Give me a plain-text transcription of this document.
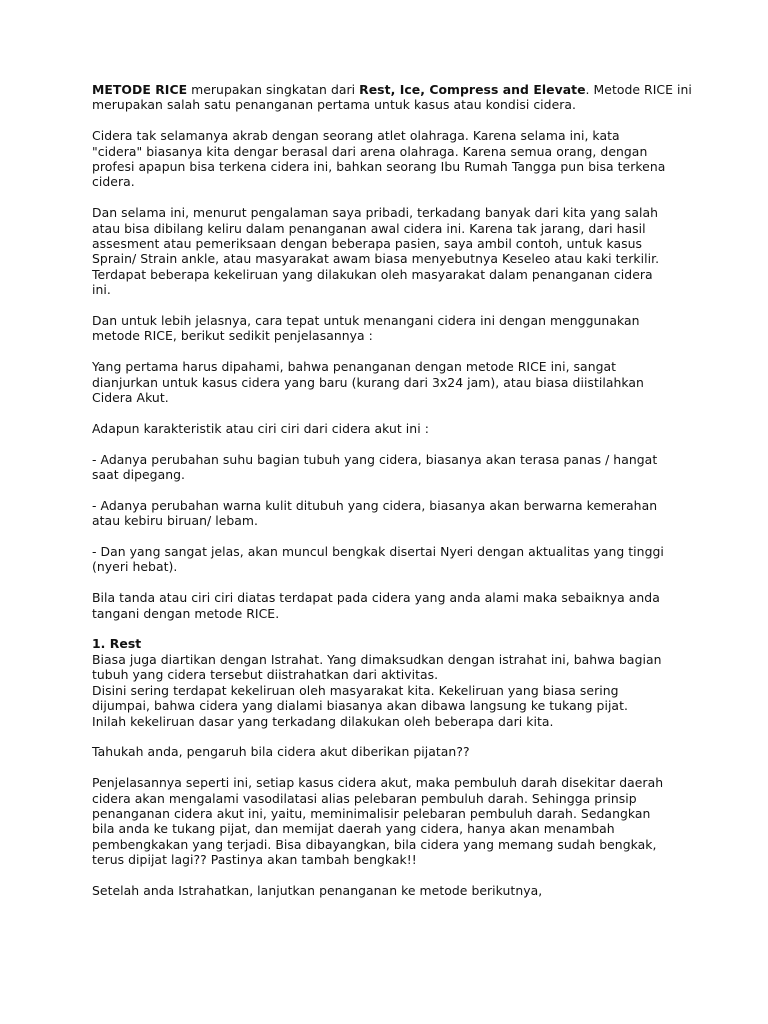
METODE RICE merupakan singkatan dari Rest, Ice, Compress and Elevate. Metode RICE ini
merupakan salah satu penanganan pertama untuk kasus atau kondisi cidera.

Cidera tak selamanya akrab dengan seorang atlet olahraga. Karena selama ini, kata
"cidera" biasanya kita dengar berasal dari arena olahraga. Karena semua orang, dengan
profesi apapun bisa terkena cidera ini, bahkan seorang Ibu Rumah Tangga pun bisa terkena
cidera.

Dan selama ini, menurut pengalaman saya pribadi, terkadang banyak dari kita yang salah
atau bisa dibilang keliru dalam penanganan awal cidera ini. Karena tak jarang, dari hasil
assesment atau pemeriksaan dengan beberapa pasien, saya ambil contoh, untuk kasus
Sprain/ Strain ankle, atau masyarakat awam biasa menyebutnya Keseleo atau kaki terkilir.
Terdapat beberapa kekeliruan yang dilakukan oleh masyarakat dalam penanganan cidera
ini.

Dan untuk lebih jelasnya, cara tepat untuk menangani cidera ini dengan menggunakan
metode RICE, berikut sedikit penjelasannya :

Yang pertama harus dipahami, bahwa penanganan dengan metode RICE ini, sangat
dianjurkan untuk kasus cidera yang baru (kurang dari 3x24 jam), atau biasa diistilahkan
Cidera Akut.

Adapun karakteristik atau ciri ciri dari cidera akut ini :

- Adanya perubahan suhu bagian tubuh yang cidera, biasanya akan terasa panas / hangat
saat dipegang.

- Adanya perubahan warna kulit ditubuh yang cidera, biasanya akan berwarna kemerahan
atau kebiru biruan/ lebam.

- Dan yang sangat jelas, akan muncul bengkak disertai Nyeri dengan aktualitas yang tinggi
(nyeri hebat).

Bila tanda atau ciri ciri diatas terdapat pada cidera yang anda alami maka sebaiknya anda
tangani dengan metode RICE.

1. Rest
Biasa juga diartikan dengan Istrahat. Yang dimaksudkan dengan istrahat ini, bahwa bagian
tubuh yang cidera tersebut diistrahatkan dari aktivitas.
Disini sering terdapat kekeliruan oleh masyarakat kita. Kekeliruan yang biasa sering
dijumpai, bahwa cidera yang dialami biasanya akan dibawa langsung ke tukang pijat.
Inilah kekeliruan dasar yang terkadang dilakukan oleh beberapa dari kita.

Tahukah anda, pengaruh bila cidera akut diberikan pijatan??

Penjelasannya seperti ini, setiap kasus cidera akut, maka pembuluh darah disekitar daerah
cidera akan mengalami vasodilatasi alias pelebaran pembuluh darah. Sehingga prinsip
penanganan cidera akut ini, yaitu, meminimalisir pelebaran pembuluh darah. Sedangkan
bila anda ke tukang pijat, dan memijat daerah yang cidera, hanya akan menambah
pembengkakan yang terjadi. Bisa dibayangkan, bila cidera yang memang sudah bengkak,
terus dipijat lagi?? Pastinya akan tambah bengkak!!

Setelah anda Istrahatkan, lanjutkan penanganan ke metode berikutnya,
